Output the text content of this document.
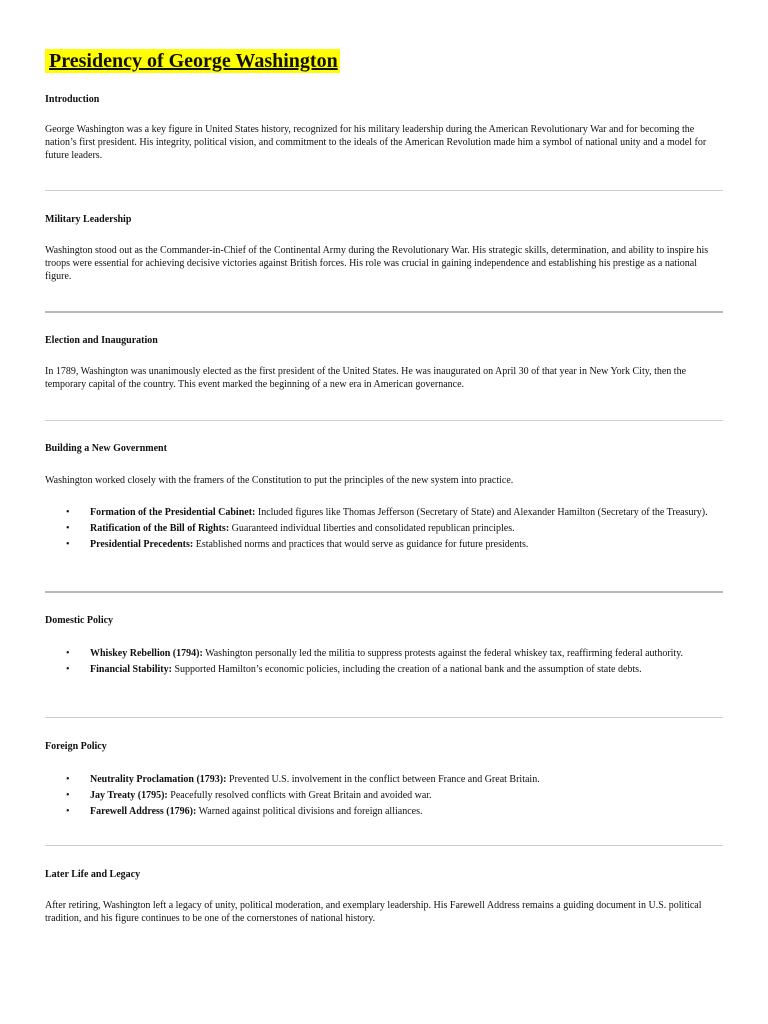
Presidency of George Washington

Introduction

George Washington was a key figure in United States history, recognized for his military leadership during the American Revolutionary War and for becoming the nation’s first president. His integrity, political vision, and commitment to the ideals of the American Revolution made him a symbol of national unity and a model for future leaders.

Military Leadership

Washington stood out as the Commander-in-Chief of the Continental Army during the Revolutionary War. His strategic skills, determination, and ability to inspire his troops were essential for achieving decisive victories against British forces. His role was crucial in gaining independence and establishing his prestige as a national figure.

Election and Inauguration

In 1789, Washington was unanimously elected as the first president of the United States. He was inaugurated on April 30 of that year in New York City, then the temporary capital of the country. This event marked the beginning of a new era in American governance.

Building a New Government

Washington worked closely with the framers of the Constitution to put the principles of the new system into practice.

• Formation of the Presidential Cabinet: Included figures like Thomas Jefferson (Secretary of State) and Alexander Hamilton (Secretary of the Treasury).
• Ratification of the Bill of Rights: Guaranteed individual liberties and consolidated republican principles.
• Presidential Precedents: Established norms and practices that would serve as guidance for future presidents.

Domestic Policy

• Whiskey Rebellion (1794): Washington personally led the militia to suppress protests against the federal whiskey tax, reaffirming federal authority.
• Financial Stability: Supported Hamilton’s economic policies, including the creation of a national bank and the assumption of state debts.

Foreign Policy

• Neutrality Proclamation (1793): Prevented U.S. involvement in the conflict between France and Great Britain.
• Jay Treaty (1795): Peacefully resolved conflicts with Great Britain and avoided war.
• Farewell Address (1796): Warned against political divisions and foreign alliances.

Later Life and Legacy

After retiring, Washington left a legacy of unity, political moderation, and exemplary leadership. His Farewell Address remains a guiding document in U.S. political tradition, and his figure continues to be one of the cornerstones of national history.
